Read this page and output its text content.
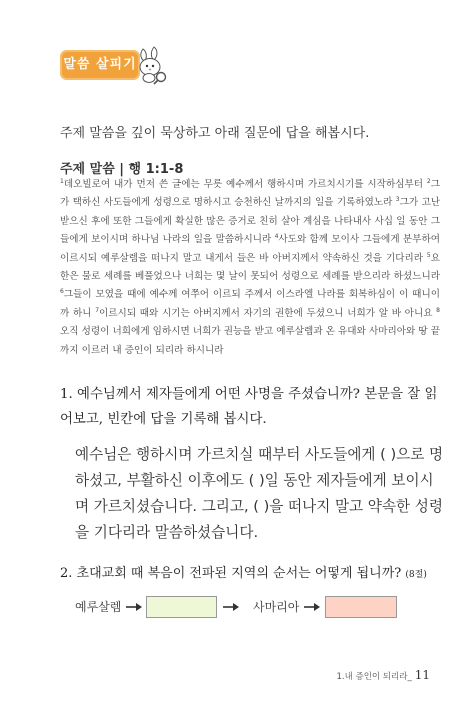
말씀 살피기
주제 말씀을 깊이 묵상하고 아래 질문에 답을 해봅시다.
주제 말씀 | 행 1:1-8
$^1$데오빌로여 내가 먼저 쓴 글에는 무릇 예수께서 행하시며 가르치시기를 시작하심부터 $^2$그가 택하신 사도들에게 성령으로 명하시고 승천하신 날까지의 일을 기록하였노라 $^3$그가 고난 받으신 후에 또한 그들에게 확실한 많은 증거로 친히 살아 계심을 나타내사 사십 일 동안 그들에게 보이시며 하나님 나라의 일을 말씀하시니라 $^4$사도와 함께 모이사 그들에게 분부하여 이르시되 예루살렘을 떠나지 말고 내게서 들은 바 아버지께서 약속하신 것을 기다리라 $^5$요한은 물로 세례를 베풀었으나 너희는 몇 날이 못되어 성령으로 세례를 받으리라 하셨느니라 $^6$그들이 모였을 때에 예수께 여쭈어 이르되 주께서 이스라엘 나라를 회복하심이 이 때니이까 하니 $^7$이르시되 때와 시기는 아버지께서 자기의 권한에 두셨으니 너희가 알 바 아니요 $^8$오직 성령이 너희에게 임하시면 너희가 권능을 받고 예루살렘과 온 유대와 사마리아와 땅 끝까지 이르러 내 증인이 되리라 하시니라
1. 예수님께서 제자들에게 어떤 사명을 주셨습니까? 본문을 잘 읽어보고, 빈칸에 답을 기록해 봅시다.
예수님은 행하시며 가르치실 때부터 사도들에게 ( )으로 명하셨고, 부활하신 이후에도 ( )일 동안 제자들에게 보이시며 가르치셨습니다. 그리고, ( )을 떠나지 말고 약속한 성령을 기다리라 말씀하셨습니다.
2. 초대교회 때 복음이 전파된 지역의 순서는 어떻게 됩니까? (8절)
예루살렘	사마리아
1.내 증인이 되리라_ 11
